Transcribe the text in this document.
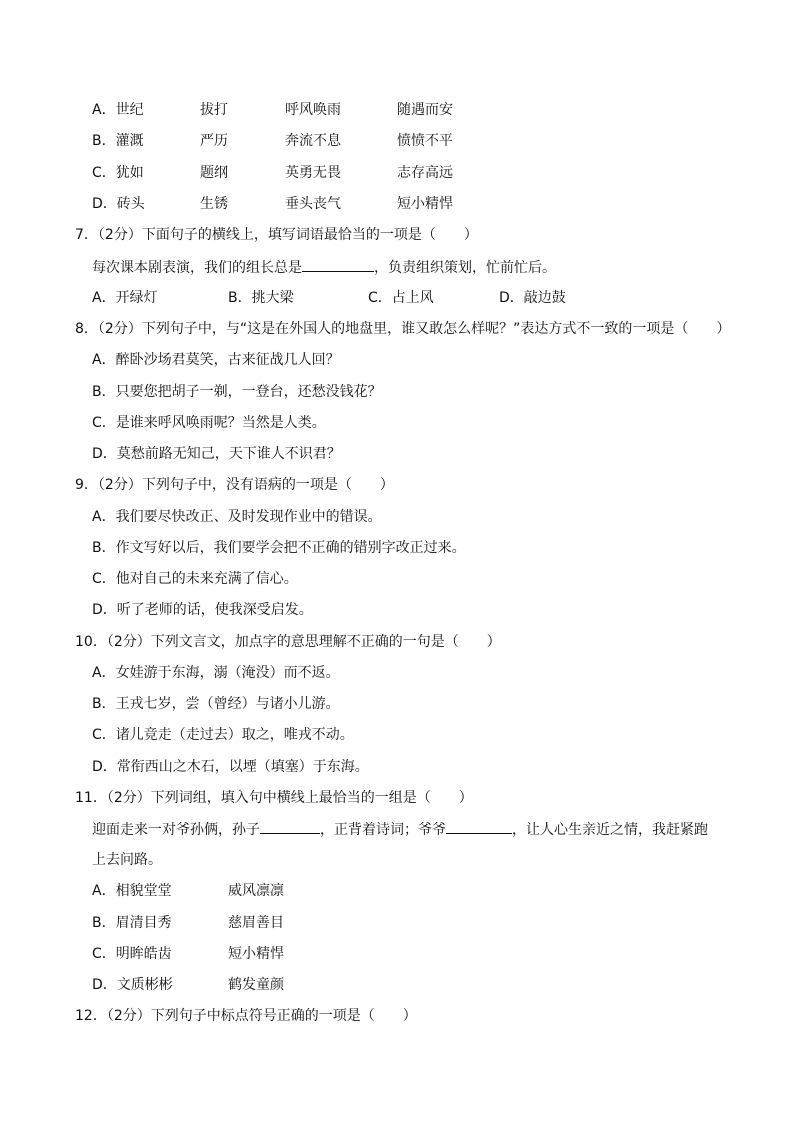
A．世纪	拔打	呼风唤雨	随遇而安
B．灌溉	严历	奔流不息	愤愤不平
C．犹如	题纲	英勇无畏	志存高远
D．砖头	生锈	垂头丧气	短小精悍
7．（2分）下面句子的横线上，填写词语最恰当的一项是（　　）
每次课本剧表演，我们的组长总是	，负责组织策划，忙前忙后。
A．开绿灯	B．挑大梁	C．占上风	D．敲边鼓
8．（2分）下列句子中，与“这是在外国人的地盘里，谁又敢怎么样呢？”表达方式不一致的一项是（　　）
A．醉卧沙场君莫笑，古来征战几人回？
B．只要您把胡子一剃，一登台，还愁没钱花？
C．是谁来呼风唤雨呢？当然是人类。
D．莫愁前路无知己，天下谁人不识君？
9．（2分）下列句子中，没有语病的一项是（　　）
A．我们要尽快改正、及时发现作业中的错误。
B．作文写好以后，我们要学会把不正确的错别字改正过来。
C．他对自己的未来充满了信心。
D．听了老师的话，使我深受启发。
10．（2分）下列文言文，加点字的意思理解不正确的一句是（　　）
A．女娃游于东海，溺（淹没）而不返。
B．王戎七岁，尝（曾经）与诸小儿游。
C．诸儿竞走（走过去）取之，唯戎不动。
D．常衔西山之木石，以堙（填塞）于东海。
11．（2分）下列词组，填入句中横线上最恰当的一组是（　　）
迎面走来一对爷孙俩，孙子	，正背着诗词；爷爷	，让人心生亲近之情，我赶紧跑
上去问路。
A．相貌堂堂	威风凛凛
B．眉清目秀	慈眉善目
C．明眸皓齿	短小精悍
D．文质彬彬	鹤发童颜
12．（2分）下列句子中标点符号正确的一项是（　　）
